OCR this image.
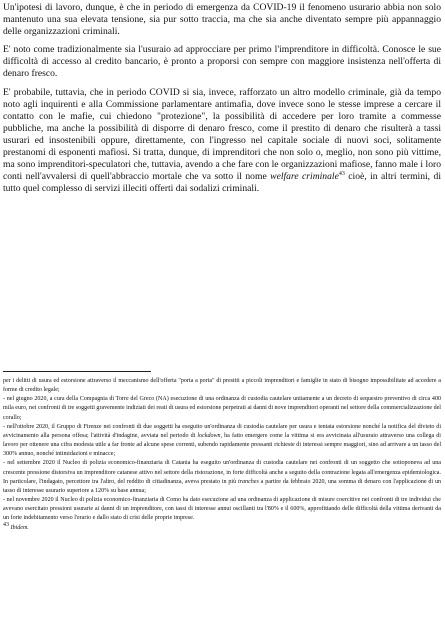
Un'ipotesi di lavoro, dunque, è che in periodo di emergenza da COVID-19 il fenomeno usurario abbia non solo mantenuto una sua elevata tensione, sia pur sotto traccia, ma che sia anche diventato sempre più appannaggio delle organizzazioni criminali.

E' noto come tradizionalmente sia l'usuraio ad approcciare per primo l'imprenditore in difficoltà. Conosce le sue difficoltà di accesso al credito bancario, è pronto a proporsi con sempre con maggiore insistenza nell'offerta di denaro fresco.

E' probabile, tuttavia, che in periodo COVID si sia, invece, rafforzato un altro modello criminale, già da tempo noto agli inquirenti e alla Commissione parlamentare antimafia, dove invece sono le stesse imprese a cercare il contatto con le mafie, cui chiedono "protezione", la possibilità di accedere per loro tramite a commesse pubbliche, ma anche la possibilità di disporre di denaro fresco, come il prestito di denaro che risulterà a tassi usurari ed insostenibili oppure, direttamente, con l'ingresso nel capitale sociale di nuovi soci, solitamente prestanomi di esponenti mafiosi. Si tratta, dunque, di imprenditori che non solo o, meglio, non sono più vittime, ma sono imprenditori-speculatori che, tuttavia, avendo a che fare con le organizzazioni mafiose, fanno male i loro conti nell'avvalersi di quell'abbraccio mortale che va sotto il nome welfare criminale$^{43}$ cioè, in altri termini, di tutto quel complesso di servizi illeciti offerti dai sodalizi criminali.

per i delitti di usura ed estorsione attraverso il meccanismo dell'offerta "porta a porta" di prestiti a piccoli imprenditori e famiglie in stato di bisogno impossibilitate ad accedere a forme di credito legale;

- nel giugno 2020, a cura della Compagnia di Torre del Greco (NA) esecuzione di una ordinanza di custodia cautelare unitamente a un decreto di sequestro preventivo di circa 400 mila euro, nei confronti di tre soggetti gravemente indiziati dei reati di usura ed estorsione perpetrati ai danni di nove imprenditori operanti nel settore della commercializzazione del corallo;

- nell'ottobre 2020, il Gruppo di Firenze nei confronti di due soggetti ha eseguito un'ordinanza di custodia cautelare per usura e tentata estorsione nonché la notifica del divieto di avvicinamento alla persona offesa; l'attività d'indagine, avviata nel periodo di lockdown, ha fatto emergere come la vittima si era avvicinata all'usuraio attraverso una collega di lavoro per ottenere una cifra modesta utile a far fronte ad alcune spese correnti, subendo rapidamente pressanti richieste di interessi sempre maggiori, sino ad arrivare a un tasso del 300% annuo, nonché intimidazioni e minacce;

- nel settembre 2020 il Nucleo di polizia economico-finanziaria di Catania ha eseguito un'ordinanza di custodia cautelare nei confronti di un soggetto che sottoponeva ad una crescente pressione distorsiva un imprenditore catanese attivo nel settore della ristorazione, in forte difficoltà anche a seguito della contrazione legata all'emergenza epidemiologica. In particolare, l'indagato, percettore tra l'altro, del reddito di cittadinanza, aveva prestato in più tranches a partire da febbraio 2020, una somma di denaro con l'applicazione di un tasso di interesse usurario superiore a 120% su base annua;

- nel novembre 2020 il Nucleo di polizia economico-finanziaria di Como ha dato esecuzione ad una ordinanza di applicazione di misure coercitive nei confronti di tre individui che avevano esercitato pressioni usurarie ai danni di un imprenditore, con tassi di interesse annui oscillanti tra l'80% e il 600%, approfittando delle difficoltà della vittima derivanti da un forte indebitamento verso l'erario e dallo stato di crisi delle proprie imprese.

43 Ibidem.
